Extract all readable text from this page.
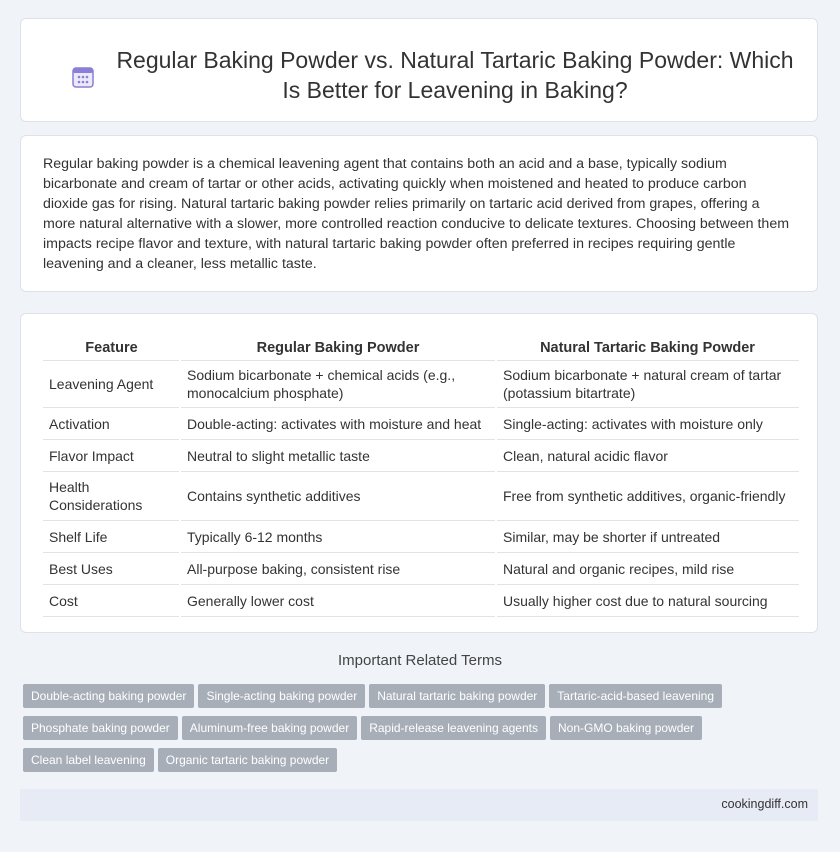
Regular Baking Powder vs. Natural Tartaric Baking Powder: Which Is Better for Leavening in Baking?
Regular baking powder is a chemical leavening agent that contains both an acid and a base, typically sodium bicarbonate and cream of tartar or other acids, activating quickly when moistened and heated to produce carbon dioxide gas for rising. Natural tartaric baking powder relies primarily on tartaric acid derived from grapes, offering a more natural alternative with a slower, more controlled reaction conducive to delicate textures. Choosing between them impacts recipe flavor and texture, with natural tartaric baking powder often preferred in recipes requiring gentle leavening and a cleaner, less metallic taste.
Feature	Regular Baking Powder	Natural Tartaric Baking Powder
Leavening Agent	Sodium bicarbonate + chemical acids (e.g., monocalcium phosphate)	Sodium bicarbonate + natural cream of tartar (potassium bitartrate)
Activation	Double-acting: activates with moisture and heat	Single-acting: activates with moisture only
Flavor Impact	Neutral to slight metallic taste	Clean, natural acidic flavor
Health Considerations	Contains synthetic additives	Free from synthetic additives, organic-friendly
Shelf Life	Typically 6-12 months	Similar, may be shorter if untreated
Best Uses	All-purpose baking, consistent rise	Natural and organic recipes, mild rise
Cost	Generally lower cost	Usually higher cost due to natural sourcing
Important Related Terms
Double-acting baking powder Single-acting baking powder Natural tartaric baking powder Tartaric-acid-based leavening
Phosphate baking powder Aluminum-free baking powder Rapid-release leavening agents Non-GMO baking powder
Clean label leavening Organic tartaric baking powder
cookingdiff.com
